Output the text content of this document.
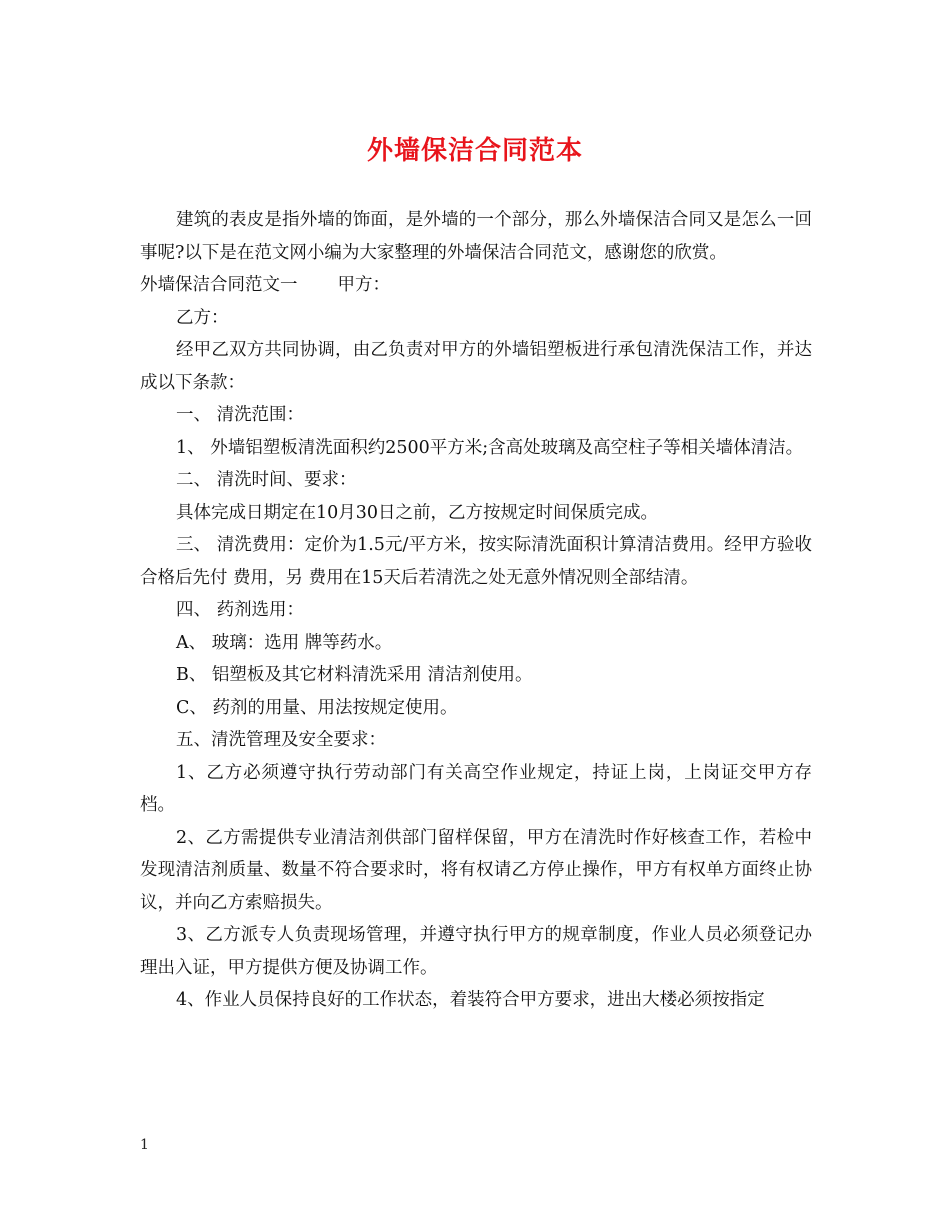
外墙保洁合同范本

建筑的表皮是指外墙的饰面，是外墙的一个部分，那么外墙保洁合同又是怎么一回事呢?以下是在范文网小编为大家整理的外墙保洁合同范文，感谢您的欣赏。

外墙保洁合同范文一 甲方：

乙方：

经甲乙双方共同协调，由乙负责对甲方的外墙铝塑板进行承包清洗保洁工作，并达成以下条款：

一、 清洗范围：

1、 外墙铝塑板清洗面积约2500平方米;含高处玻璃及高空柱子等相关墙体清洁。

二、 清洗时间、要求：

具体完成日期定在10月30日之前，乙方按规定时间保质完成。

三、 清洗费用：定价为1.5元/平方米，按实际清洗面积计算清洁费用。经甲方验收合格后先付 费用，另 费用在15天后若清洗之处无意外情况则全部结清。

四、 药剂选用：

A、 玻璃：选用 牌等药水。

B、 铝塑板及其它材料清洗采用 清洁剂使用。

C、 药剂的用量、用法按规定使用。

五、清洗管理及安全要求：

1、乙方必须遵守执行劳动部门有关高空作业规定，持证上岗，上岗证交甲方存档。

2、乙方需提供专业清洁剂供部门留样保留，甲方在清洗时作好核查工作，若检中发现清洁剂质量、数量不符合要求时，将有权请乙方停止操作，甲方有权单方面终止协议，并向乙方索赔损失。

3、乙方派专人负责现场管理，并遵守执行甲方的规章制度，作业人员必须登记办理出入证，甲方提供方便及协调工作。

4、作业人员保持良好的工作状态，着装符合甲方要求，进出大楼必须按指定

1
